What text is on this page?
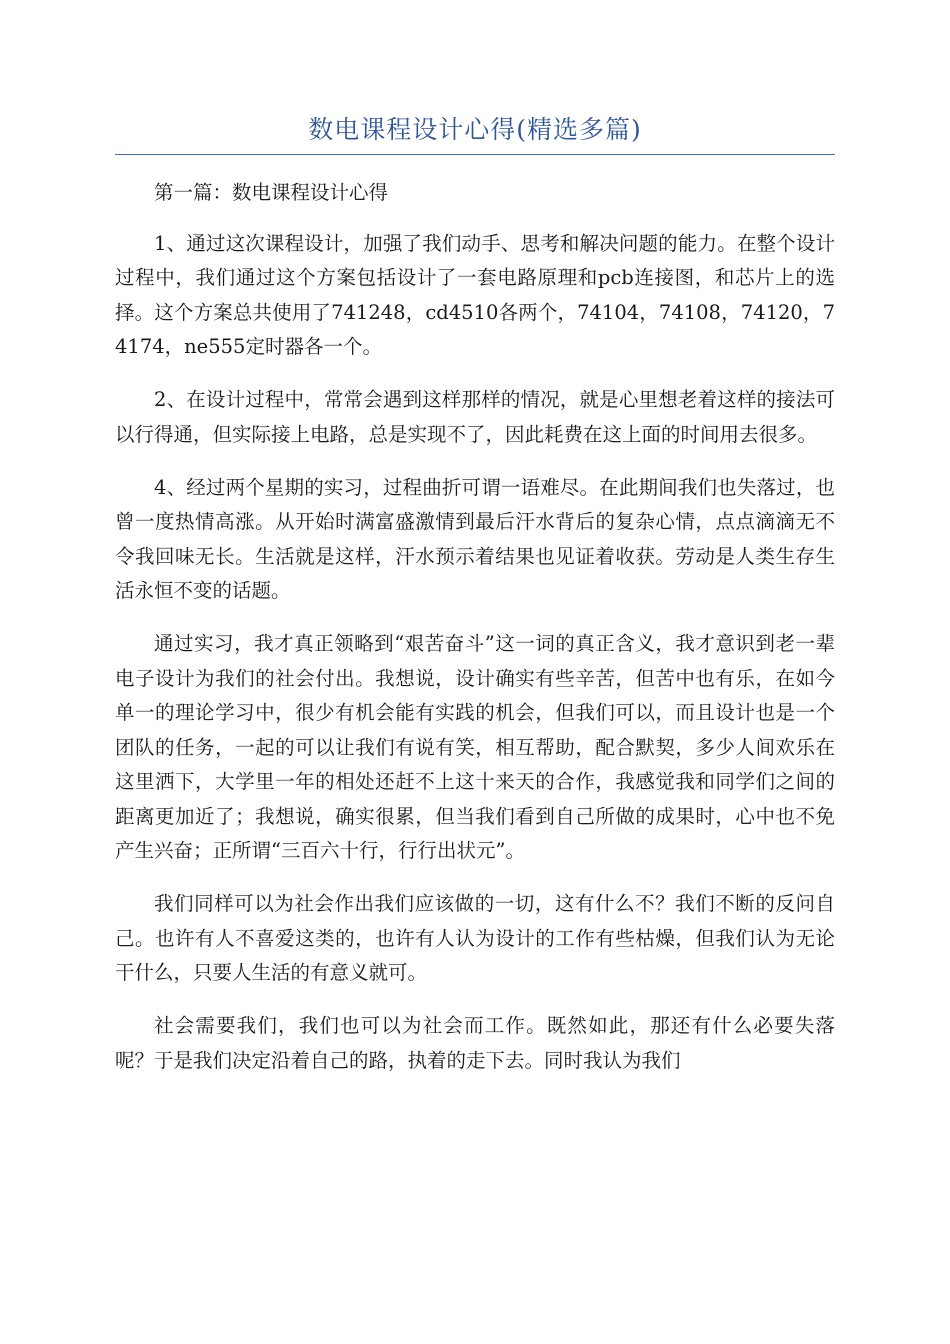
数电课程设计心得(精选多篇)

第一篇：数电课程设计心得

1、通过这次课程设计，加强了我们动手、思考和解决问题的能力。在整个设计过程中，我们通过这个方案包括设计了一套电路原理和pcb连接图，和芯片上的选择。这个方案总共使用了741248，cd4510各两个，74104，74108，74120，74174，ne555定时器各一个。

2、在设计过程中，常常会遇到这样那样的情况，就是心里想老着这样的接法可以行得通，但实际接上电路，总是实现不了，因此耗费在这上面的时间用去很多。

4、经过两个星期的实习，过程曲折可谓一语难尽。在此期间我们也失落过，也曾一度热情高涨。从开始时满富盛激情到最后汗水背后的复杂心情，点点滴滴无不令我回味无长。生活就是这样，汗水预示着结果也见证着收获。劳动是人类生存生活永恒不变的话题。

通过实习，我才真正领略到“艰苦奋斗”这一词的真正含义，我才意识到老一辈电子设计为我们的社会付出。我想说，设计确实有些辛苦，但苦中也有乐，在如今单一的理论学习中，很少有机会能有实践的机会，但我们可以，而且设计也是一个团队的任务，一起的可以让我们有说有笑，相互帮助，配合默契，多少人间欢乐在这里洒下，大学里一年的相处还赶不上这十来天的合作，我感觉我和同学们之间的距离更加近了；我想说，确实很累，但当我们看到自己所做的成果时，心中也不免产生兴奋；正所谓“三百六十行，行行出状元”。

我们同样可以为社会作出我们应该做的一切，这有什么不？我们不断的反问自己。也许有人不喜爱这类的，也许有人认为设计的工作有些枯燥，但我们认为无论干什么，只要人生活的有意义就可。

社会需要我们，我们也可以为社会而工作。既然如此，那还有什么必要失落呢？于是我们决定沿着自己的路，执着的走下去。同时我认为我们
